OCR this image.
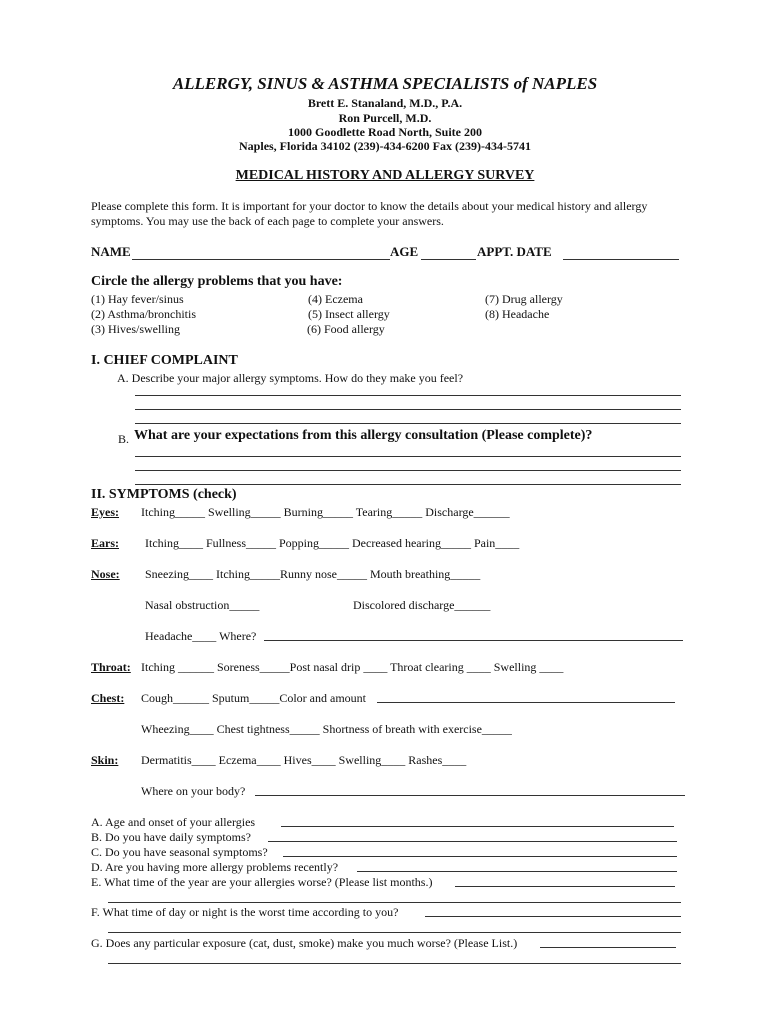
ALLERGY, SINUS & ASTHMA SPECIALISTS of NAPLES
Brett E. Stanaland, M.D., P.A.
Ron Purcell, M.D.
1000 Goodlette Road North, Suite 200
Naples, Florida 34102 (239)-434-6200 Fax (239)-434-5741
MEDICAL HISTORY AND ALLERGY SURVEY
Please complete this form. It is important for your doctor to know the details about your medical history and allergy
symptoms. You may use the back of each page to complete your answers.
NAME	AGE	APPT. DATE
Circle the allergy problems that you have:
(1) Hay fever/sinus
(2) Asthma/bronchitis
(3) Hives/swelling
(4) Eczema
(5) Insect allergy
(6) Food allergy
(7) Drug allergy
(8) Headache
I. CHIEF COMPLAINT
A. Describe your major allergy symptoms. How do they make you feel?
B. What are your expectations from this allergy consultation (Please complete)?
II. SYMPTOMS (check)
Eyes: Itching_____ Swelling_____ Burning_____ Tearing_____ Discharge______
Ears: Itching____ Fullness_____ Popping_____ Decreased hearing_____ Pain____
Nose: Sneezing____ Itching_____Runny nose_____ Mouth breathing_____
Nasal obstruction_____	Discolored discharge______
Headache____ Where?
Throat: Itching ______ Soreness_____Post nasal drip ____ Throat clearing ____ Swelling ____
Chest: Cough______ Sputum_____Color and amount
Wheezing____ Chest tightness_____ Shortness of breath with exercise_____
Skin: Dermatitis____ Eczema____ Hives____ Swelling____ Rashes____
Where on your body?
A. Age and onset of your allergies
B. Do you have daily symptoms?
C. Do you have seasonal symptoms?
D. Are you having more allergy problems recently?
E. What time of the year are your allergies worse? (Please list months.)
F. What time of day or night is the worst time according to you?
G. Does any particular exposure (cat, dust, smoke) make you much worse? (Please List.)
